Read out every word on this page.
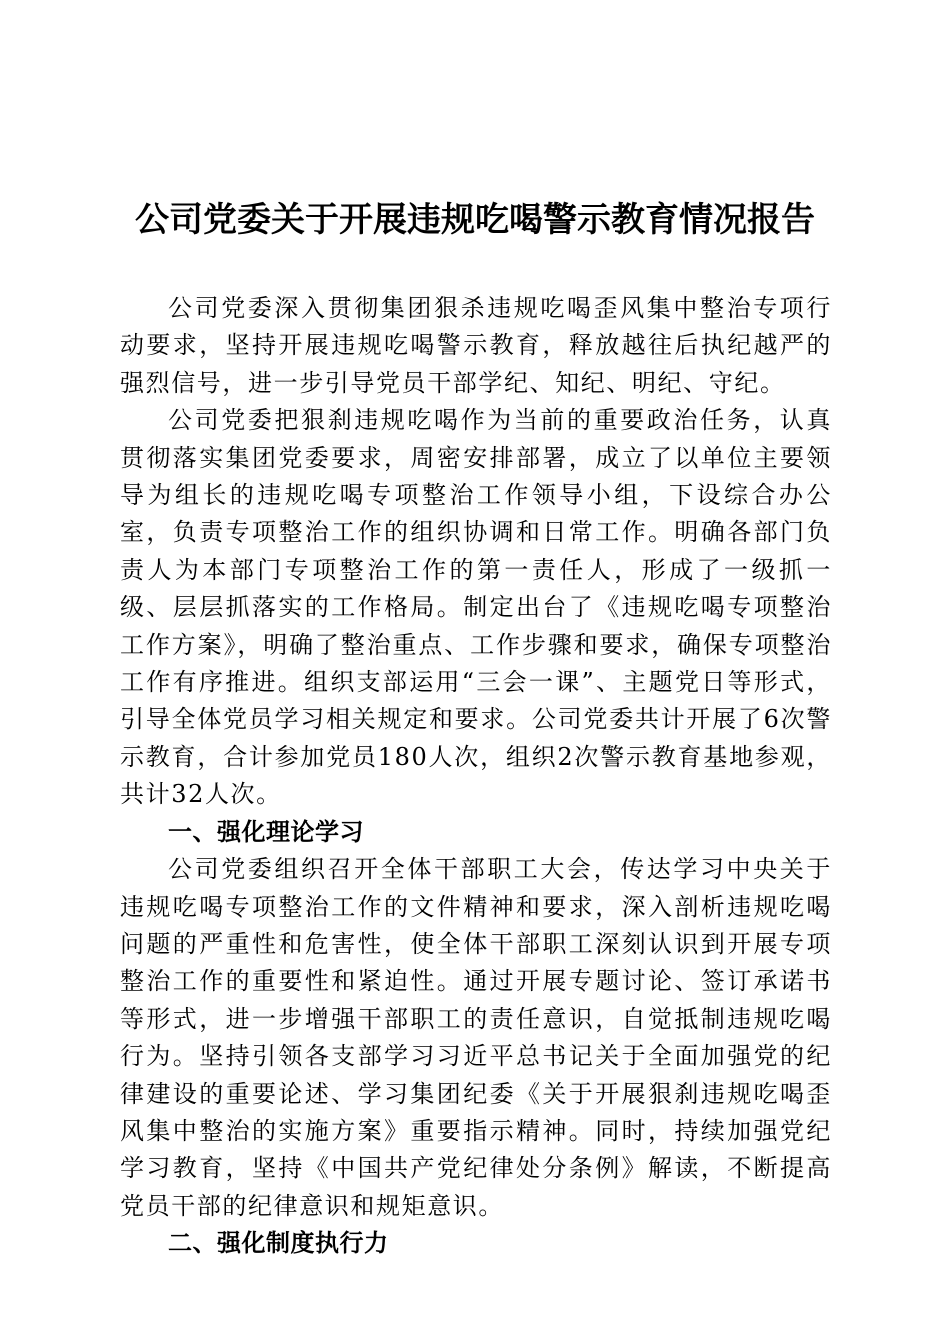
公司党委关于开展违规吃喝警示教育情况报告

公司党委深入贯彻集团狠杀违规吃喝歪风集中整治专项行动要求，坚持开展违规吃喝警示教育，释放越往后执纪越严的强烈信号，进一步引导党员干部学纪、知纪、明纪、守纪。

公司党委把狠刹违规吃喝作为当前的重要政治任务，认真贯彻落实集团党委要求，周密安排部署，成立了以单位主要领导为组长的违规吃喝专项整治工作领导小组，下设综合办公室，负责专项整治工作的组织协调和日常工作。明确各部门负责人为本部门专项整治工作的第一责任人，形成了一级抓一级、层层抓落实的工作格局。制定出台了《违规吃喝专项整治工作方案》，明确了整治重点、工作步骤和要求，确保专项整治工作有序推进。组织支部运用“三会一课”、主题党日等形式，引导全体党员学习相关规定和要求。公司党委共计开展了6次警示教育，合计参加党员180人次，组织2次警示教育基地参观，共计32人次。

一、强化理论学习

公司党委组织召开全体干部职工大会，传达学习中央关于违规吃喝专项整治工作的文件精神和要求，深入剖析违规吃喝问题的严重性和危害性，使全体干部职工深刻认识到开展专项整治工作的重要性和紧迫性。通过开展专题讨论、签订承诺书等形式，进一步增强干部职工的责任意识，自觉抵制违规吃喝行为。坚持引领各支部学习习近平总书记关于全面加强党的纪律建设的重要论述、学习集团纪委《关于开展狠刹违规吃喝歪风集中整治的实施方案》重要指示精神。同时，持续加强党纪学习教育，坚持《中国共产党纪律处分条例》解读，不断提高党员干部的纪律意识和规矩意识。

二、强化制度执行力
